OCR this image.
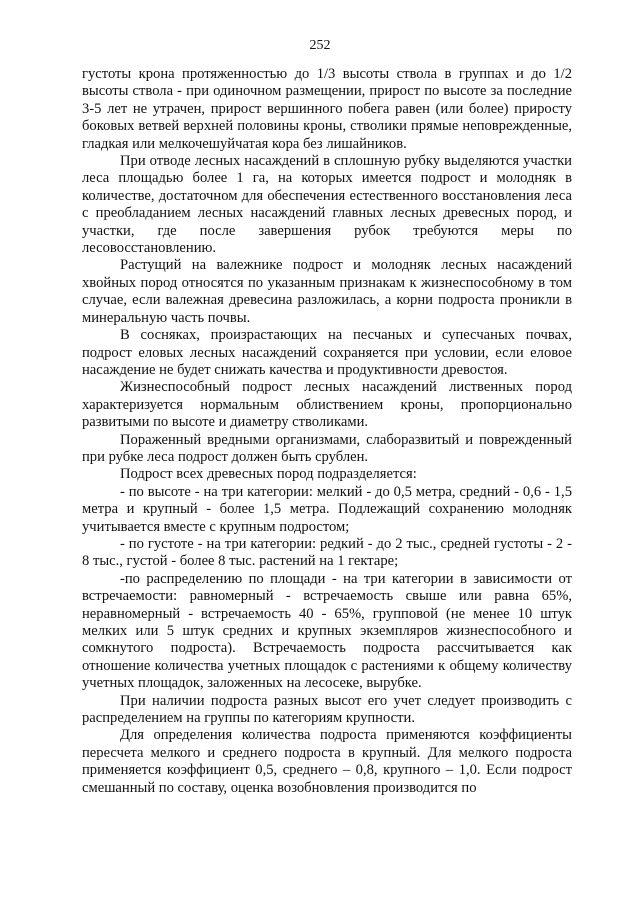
252

густоты крона протяженностью до 1/3 высоты ствола в группах и до 1/2 высоты ствола - при одиночном размещении, прирост по высоте за последние 3-5 лет не утрачен, прирост вершинного побега равен (или более) приросту боковых ветвей верхней половины кроны, стволики прямые неповрежденные, гладкая или мелкочешуйчатая кора без лишайников.

При отводе лесных насаждений в сплошную рубку выделяются участки леса площадью более 1 га, на которых имеется подрост и молодняк в количестве, достаточном для обеспечения естественного восстановления леса с преобладанием лесных насаждений главных лесных древесных пород, и участки, где после завершения рубок требуются меры по лесовосстановлению.

Растущий на валежнике подрост и молодняк лесных насаждений хвойных пород относятся по указанным признакам к жизнеспособному в том случае, если валежная древесина разложилась, а корни подроста проникли в минеральную часть почвы.

В сосняках, произрастающих на песчаных и супесчаных почвах, подрост еловых лесных насаждений сохраняется при условии, если еловое насаждение не будет снижать качества и продуктивности древостоя.

Жизнеспособный подрост лесных насаждений лиственных пород характеризуется нормальным облиствением кроны, пропорционально развитыми по высоте и диаметру стволиками.

Пораженный вредными организмами, слаборазвитый и поврежденный при рубке леса подрост должен быть срублен.

Подрост всех древесных пород подразделяется:

- по высоте - на три категории: мелкий - до 0,5 метра, средний - 0,6 - 1,5 метра и крупный - более 1,5 метра. Подлежащий сохранению молодняк учитывается вместе с крупным подростом;

- по густоте - на три категории: редкий - до 2 тыс., средней густоты - 2 - 8 тыс., густой - более 8 тыс. растений на 1 гектаре;

-по распределению по площади - на три категории в зависимости от встречаемости: равномерный - встречаемость свыше или равна 65%, неравномерный - встречаемость 40 - 65%, групповой (не менее 10 штук мелких или 5 штук средних и крупных экземпляров жизнеспособного и сомкнутого подроста). Встречаемость подроста рассчитывается как отношение количества учетных площадок с растениями к общему количеству учетных площадок, заложенных на лесосеке, вырубке.

При наличии подроста разных высот его учет следует производить с распределением на группы по категориям крупности.

Для определения количества подроста применяются коэффициенты пересчета мелкого и среднего подроста в крупный. Для мелкого подроста применяется коэффициент 0,5, среднего – 0,8, крупного – 1,0. Если подрост смешанный по составу, оценка возобновления производится по
